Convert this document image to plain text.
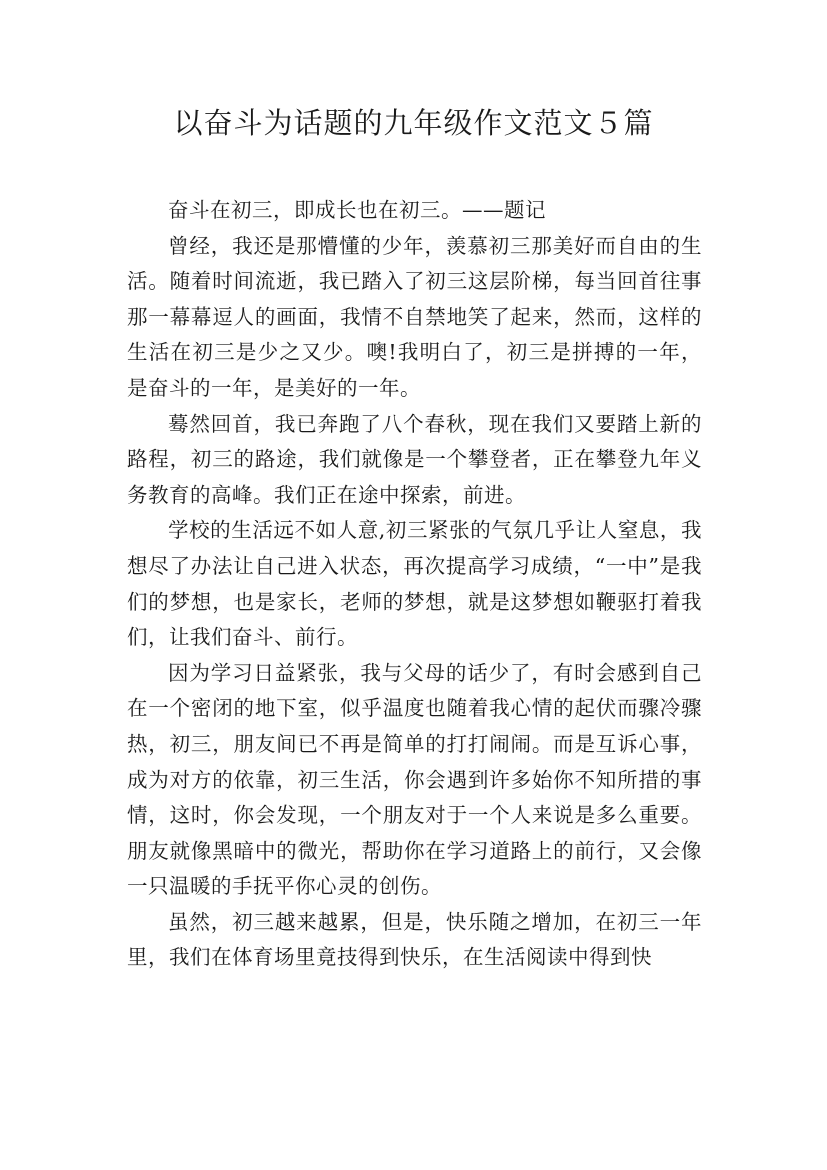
以奋斗为话题的九年级作文范文５篇

奋斗在初三，即成长也在初三。——题记

曾经，我还是那懵懂的少年，羡慕初三那美好而自由的生活。随着时间流逝，我已踏入了初三这层阶梯，每当回首往事那一幕幕逗人的画面，我情不自禁地笑了起来，然而，这样的生活在初三是少之又少。噢!我明白了，初三是拼搏的一年，是奋斗的一年，是美好的一年。

蓦然回首，我已奔跑了八个春秋，现在我们又要踏上新的路程，初三的路途，我们就像是一个攀登者，正在攀登九年义务教育的高峰。我们正在途中探索，前进。

学校的生活远不如人意,初三紧张的气氛几乎让人窒息，我想尽了办法让自己进入状态，再次提高学习成绩，“一中”是我们的梦想，也是家长，老师的梦想，就是这梦想如鞭驱打着我们，让我们奋斗、前行。

因为学习日益紧张，我与父母的话少了，有时会感到自己在一个密闭的地下室，似乎温度也随着我心情的起伏而骤冷骤热，初三，朋友间已不再是简单的打打闹闹。而是互诉心事，成为对方的依靠，初三生活，你会遇到许多始你不知所措的事情，这时，你会发现，一个朋友对于一个人来说是多么重要。朋友就像黑暗中的微光，帮助你在学习道路上的前行，又会像一只温暖的手抚平你心灵的创伤。

虽然，初三越来越累，但是，快乐随之增加，在初三一年里，我们在体育场里竟技得到快乐，在生活阅读中得到快
